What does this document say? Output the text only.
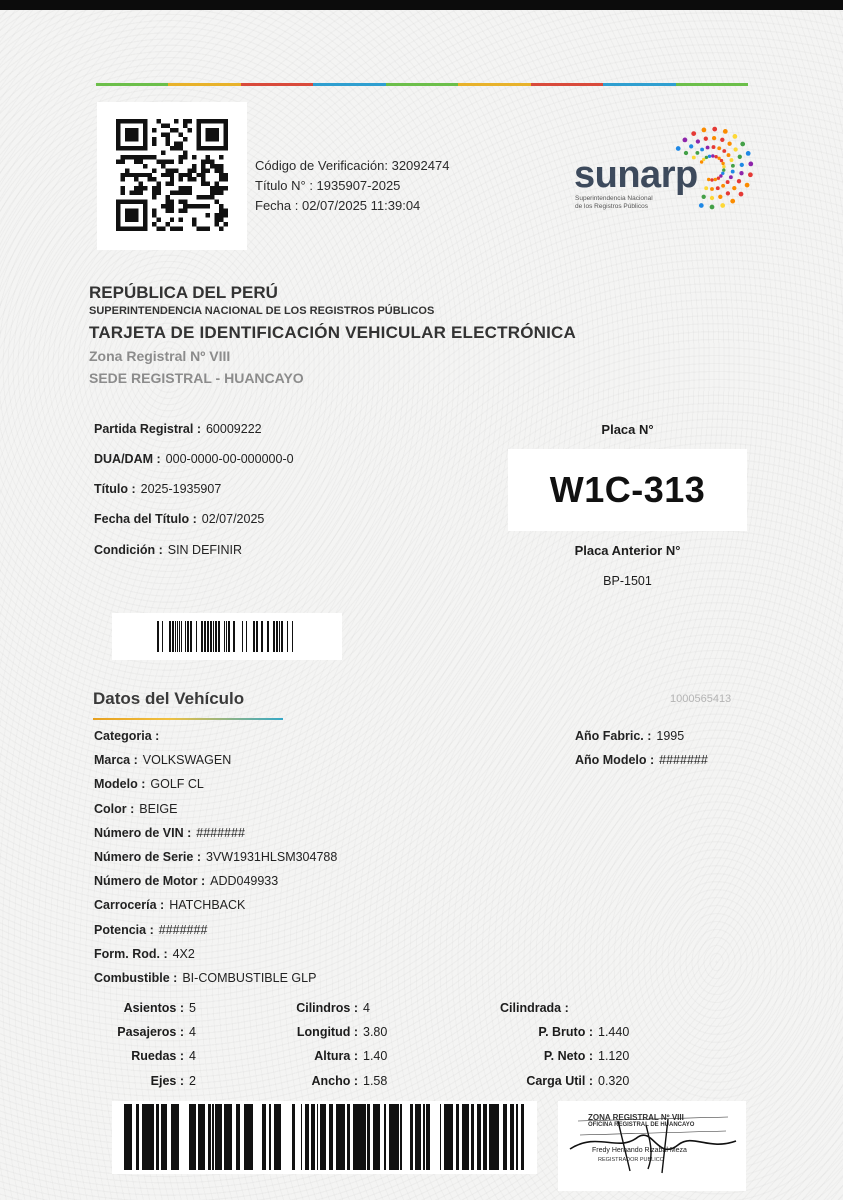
Código de Verificación: 32092474
Título N° : 1935907-2025
Fecha : 02/07/2025 11:39:04
sunarp
Superintendencia Nacional
de los Registros Públicos
REPÚBLICA DEL PERÚ
SUPERINTENDENCIA NACIONAL DE LOS REGISTROS PÚBLICOS
TARJETA DE IDENTIFICACIÓN VEHICULAR ELECTRÓNICA
Zona Registral Nº VIII
SEDE REGISTRAL - HUANCAYO
Partida Registral : 60009222
DUA/DAM : 000-0000-00-000000-0
Título : 2025-1935907
Fecha del Título : 02/07/2025
Condición : SIN DEFINIR
Placa N°
W1C-313
Placa Anterior N°
BP-1501
Datos del Vehículo	1000565413
Categoria :
Marca : VOLKSWAGEN
Modelo : GOLF CL
Color : BEIGE
Número de VIN : #######
Número de Serie : 3VW1931HLSM304788
Número de Motor : ADD049933
Carrocería : HATCHBACK
Potencia : #######
Form. Rod. : 4X2
Combustible : BI-COMBUSTIBLE GLP
Año Fabric. : 1995
Año Modelo : #######
Asientos : 5
Pasajeros : 4
Ruedas : 4
Ejes : 2
Cilindros : 4
Longitud : 3.80
Altura : 1.40
Ancho : 1.58
Cilindrada :
P. Bruto : 1.440
P. Neto : 1.120
Carga Util : 0.320
ZONA REGISTRAL Nº VIII
OFICINA REGISTRAL DE HUANCAYO
Fredy Hernando Rizabal Meza
REGISTRADOR PUBLICO
